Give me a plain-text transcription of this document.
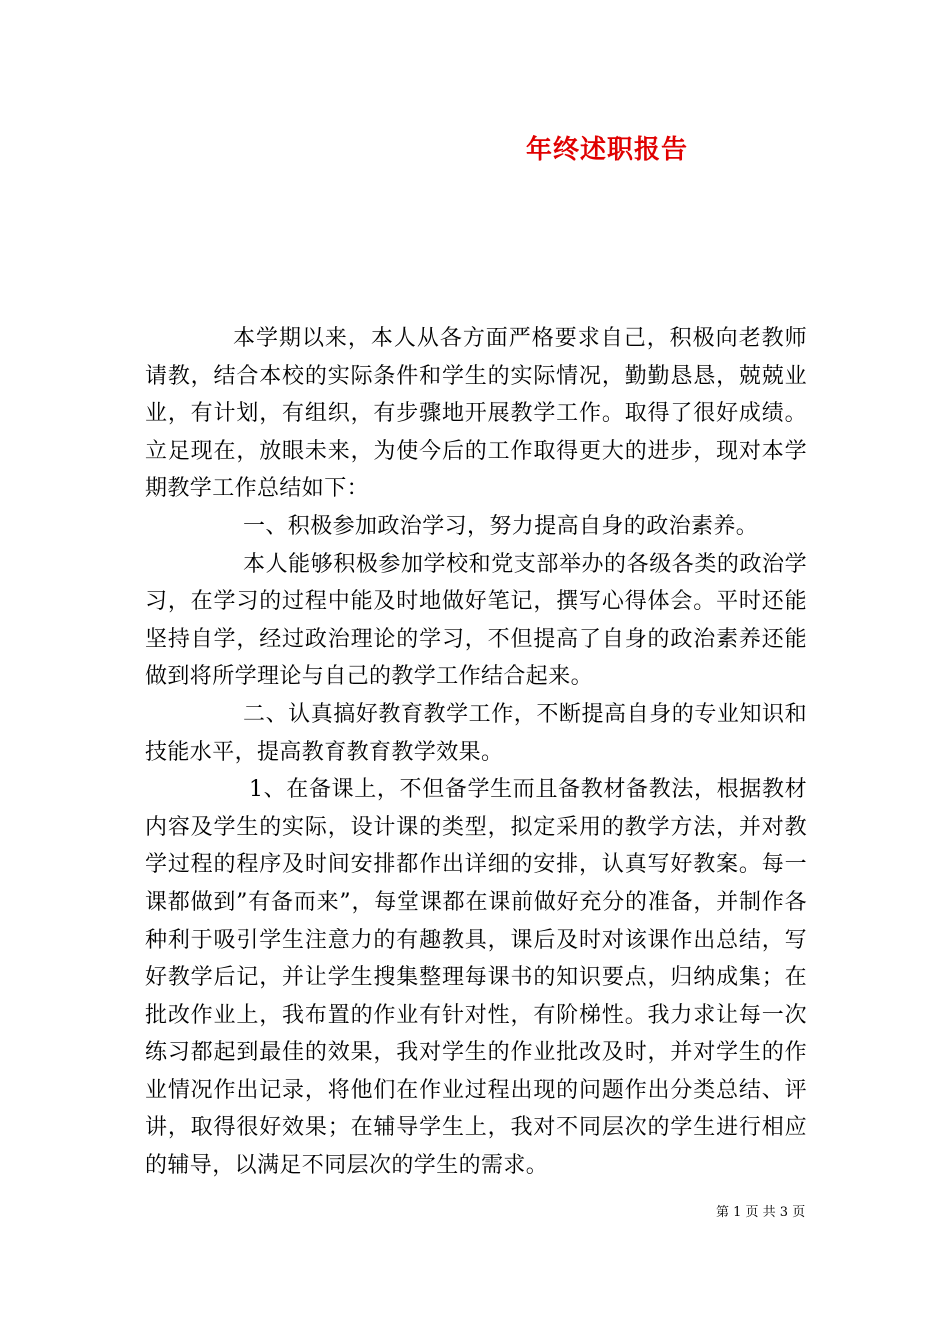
年终述职报告

本学期以来，本人从各方面严格要求自己，积极向老教师请教，结合本校的实际条件和学生的实际情况，勤勤恳恳，兢兢业业，有计划，有组织，有步骤地开展教学工作。取得了很好成绩。立足现在，放眼未来，为使今后的工作取得更大的进步，现对本学期教学工作总结如下：

一、积极参加政治学习，努力提高自身的政治素养。

本人能够积极参加学校和党支部举办的各级各类的政治学习，在学习的过程中能及时地做好笔记，撰写心得体会。平时还能坚持自学，经过政治理论的学习，不但提高了自身的政治素养还能做到将所学理论与自己的教学工作结合起来。

二、认真搞好教育教学工作，不断提高自身的专业知识和技能水平，提高教育教育教学效果。

1、在备课上，不但备学生而且备教材备教法，根据教材内容及学生的实际，设计课的类型，拟定采用的教学方法，并对教学过程的程序及时间安排都作出详细的安排，认真写好教案。每一课都做到”有备而来”，每堂课都在课前做好充分的准备，并制作各种利于吸引学生注意力的有趣教具，课后及时对该课作出总结，写好教学后记，并让学生搜集整理每课书的知识要点，归纳成集；在批改作业上，我布置的作业有针对性，有阶梯性。我力求让每一次练习都起到最佳的效果，我对学生的作业批改及时，并对学生的作业情况作出记录，将他们在作业过程出现的问题作出分类总结、评讲，取得很好效果；在辅导学生上，我对不同层次的学生进行相应的辅导，以满足不同层次的学生的需求。

第 1 页 共 3 页
